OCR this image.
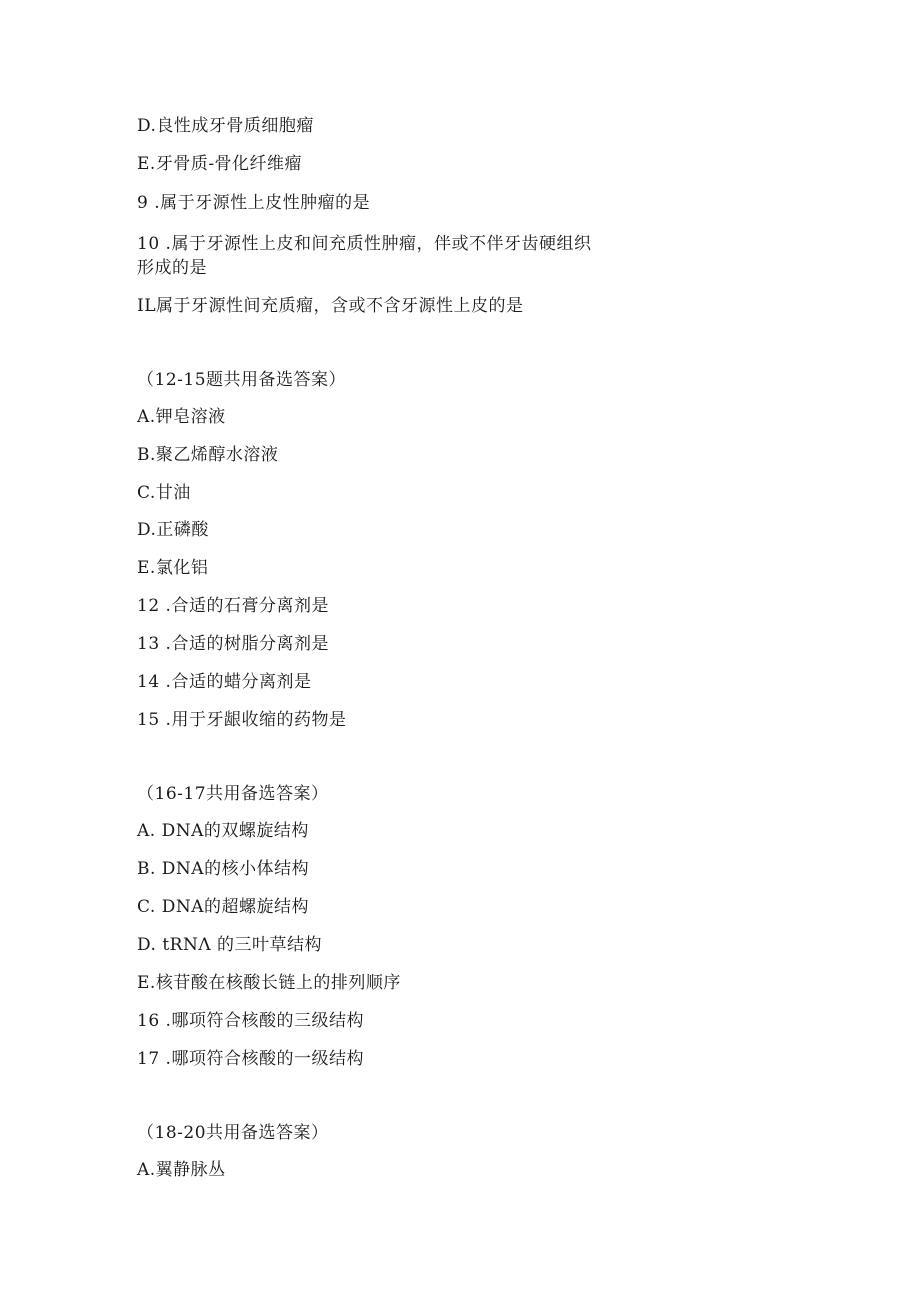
D.良性成牙骨质细胞瘤
E.牙骨质-骨化纤维瘤
9 .属于牙源性上皮性肿瘤的是
10 .属于牙源性上皮和间充质性肿瘤，伴或不伴牙齿硬组织形成的是
IL属于牙源性间充质瘤，含或不含牙源性上皮的是
（12-15题共用备选答案）
A.钾皂溶液
B.聚乙烯醇水溶液
C.甘油
D.正磷酸
E.氯化铝
12 .合适的石膏分离剂是
13 .合适的树脂分离剂是
14 .合适的蜡分离剂是
15 .用于牙龈收缩的药物是
（16-17共用备选答案）
A. DNA的双螺旋结构
B. DNA的核小体结构
C. DNA的超螺旋结构
D. tRNΛ 的三叶草结构
E.核苷酸在核酸长链上的排列顺序
16 .哪项符合核酸的三级结构
17 .哪项符合核酸的一级结构
（18-20共用备选答案）
A.翼静脉丛
